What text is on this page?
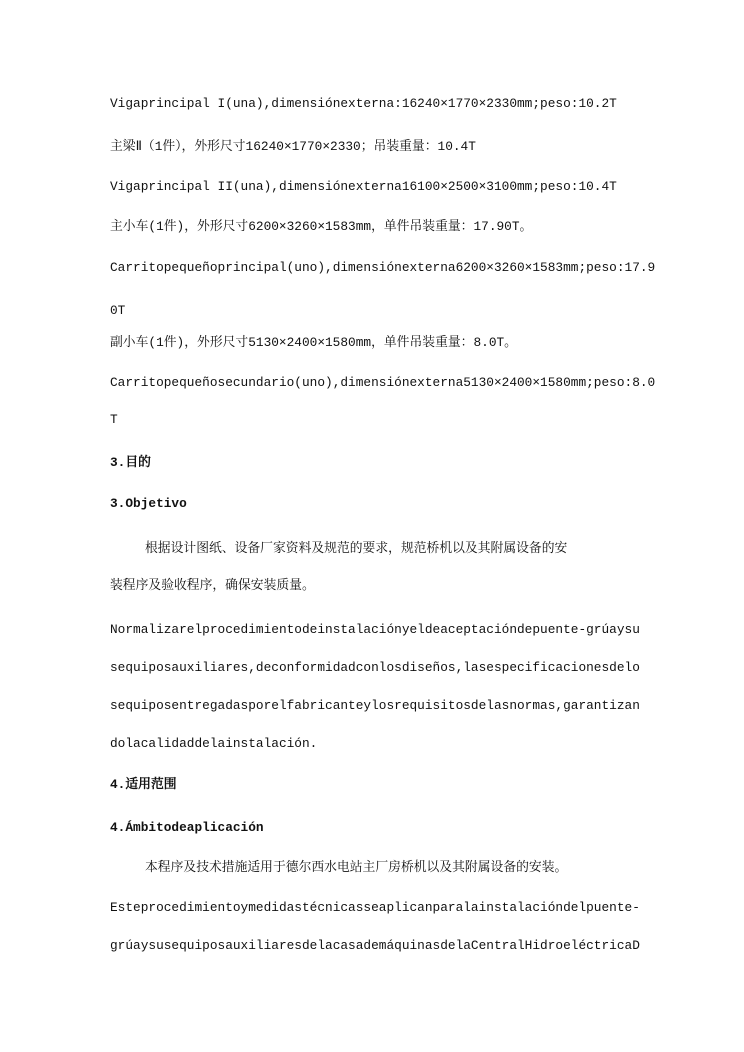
Vigaprincipal I(una),dimensiónexterna:16240×1770×2330mm;peso:10.2T
主梁Ⅱ（1件），外形尺寸16240×1770×2330；吊装重量：10.4T
Vigaprincipal II(una),dimensiónexterna16100×2500×3100mm;peso:10.4T
主小车(1件)，外形尺寸6200×3260×1583mm，单件吊装重量：17.90T。
Carritopequeñoprincipal(uno),dimensiónexterna6200×3260×1583mm;peso:17.9
0T
副小车(1件)，外形尺寸5130×2400×1580mm，单件吊装重量：8.0T。
Carritopequeñosecundario(uno),dimensiónexterna5130×2400×1580mm;peso:8.0
T
3.目的
3.Objetivo
根据设计图纸、设备厂家资料及规范的要求，规范桥机以及其附属设备的安
装程序及验收程序，确保安装质量。
Normalizarelprocedimientodeinstalaciónyeldeaceptacióndepuente-grúaysu
sequiposauxiliares,deconformidadconlosdiseños,lasespecificacionesdelo
sequiposentregadasporelfabricanteylosrequisitosdelasnormas,garantizan
dolacalidaddelainstalación.
4.适用范围
4.Ámbitodeaplicación
本程序及技术措施适用于德尔西水电站主厂房桥机以及其附属设备的安装。
Esteprocedimientoymedidastécnicasseaplicanparalainstalacióndelpuente-
grúaysusequiposauxiliaresdelacasademáquinasdelaCentralHidroeléctricaD
